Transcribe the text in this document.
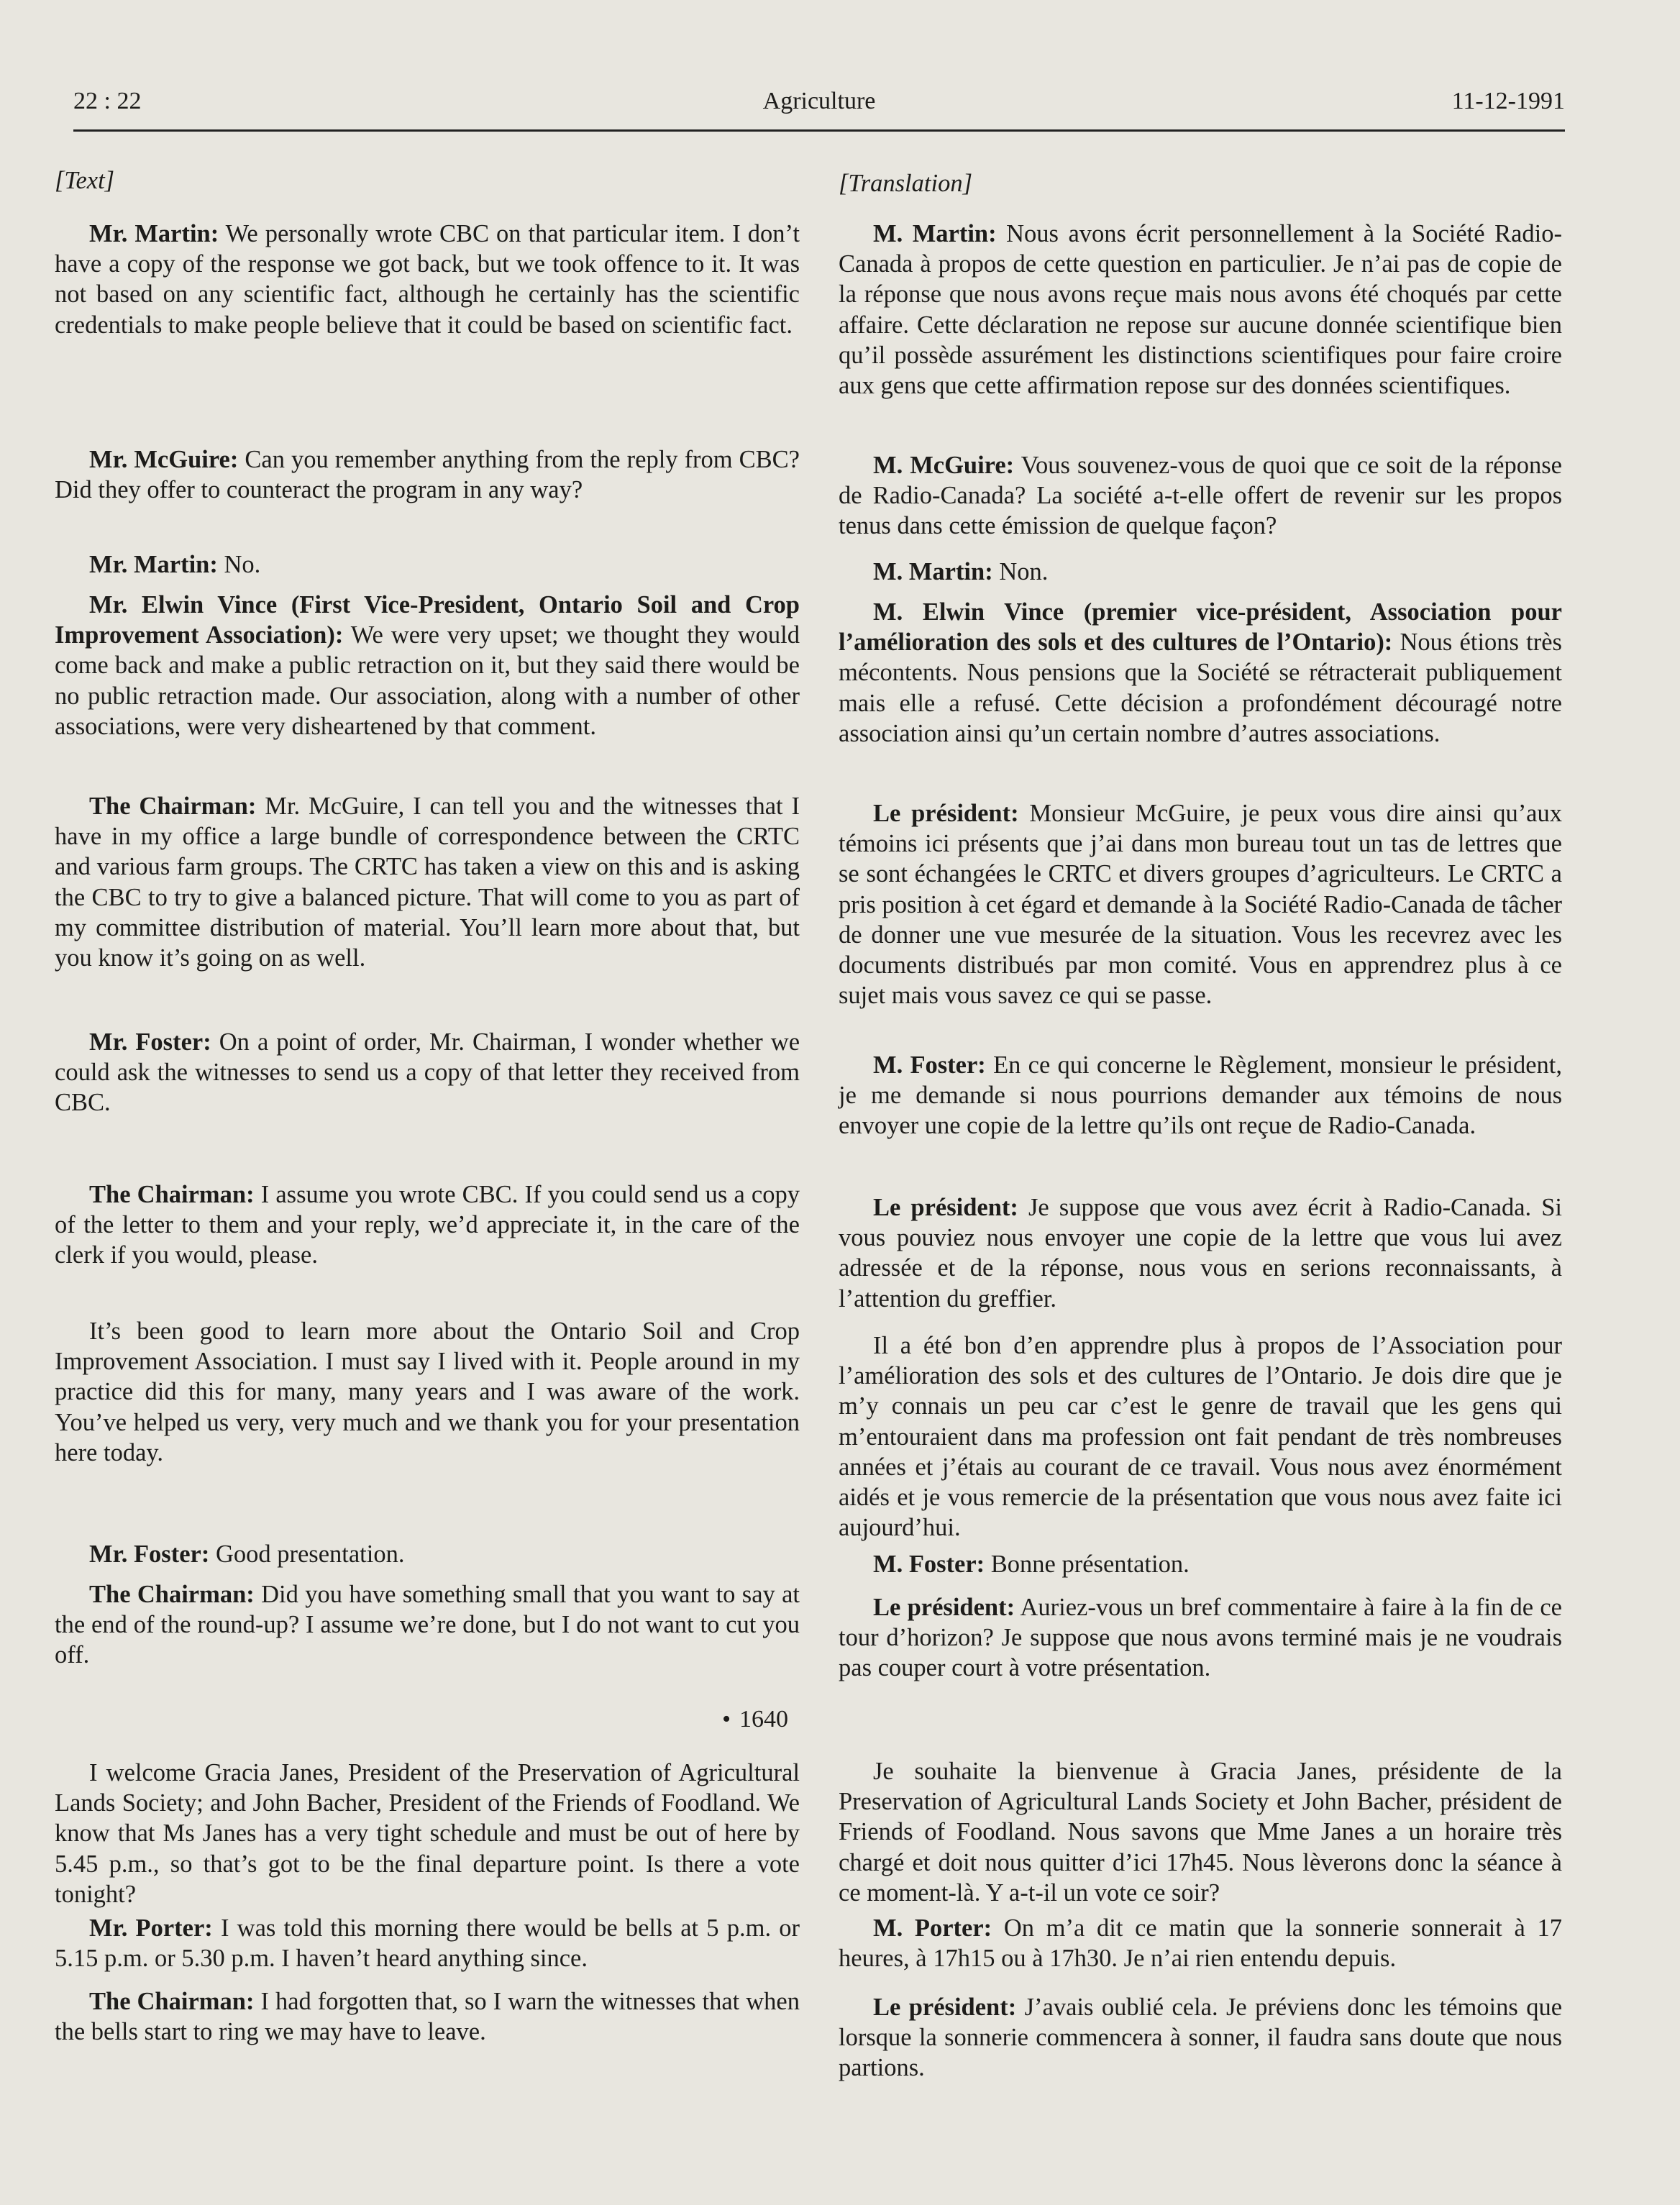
22 : 22	Agriculture	11-12-1991

[Text]

Mr. Martin: We personally wrote CBC on that particular item. I don’t have a copy of the response we got back, but we took offence to it. It was not based on any scientific fact, although he certainly has the scientific credentials to make people believe that it could be based on scientific fact.

Mr. McGuire: Can you remember anything from the reply from CBC? Did they offer to counteract the program in any way?

Mr. Martin: No.

Mr. Elwin Vince (First Vice-President, Ontario Soil and Crop Improvement Association): We were very upset; we thought they would come back and make a public retraction on it, but they said there would be no public retraction made. Our association, along with a number of other associations, were very disheartened by that comment.

The Chairman: Mr. McGuire, I can tell you and the witnesses that I have in my office a large bundle of correspondence between the CRTC and various farm groups. The CRTC has taken a view on this and is asking the CBC to try to give a balanced picture. That will come to you as part of my committee distribution of material. You’ll learn more about that, but you know it’s going on as well.

Mr. Foster: On a point of order, Mr. Chairman, I wonder whether we could ask the witnesses to send us a copy of that letter they received from CBC.

The Chairman: I assume you wrote CBC. If you could send us a copy of the letter to them and your reply, we’d appreciate it, in the care of the clerk if you would, please.

It’s been good to learn more about the Ontario Soil and Crop Improvement Association. I must say I lived with it. People around in my practice did this for many, many years and I was aware of the work. You’ve helped us very, very much and we thank you for your presentation here today.

Mr. Foster: Good presentation.

The Chairman: Did you have something small that you want to say at the end of the round-up? I assume we’re done, but I do not want to cut you off.

• 1640

I welcome Gracia Janes, President of the Preservation of Agricultural Lands Society; and John Bacher, President of the Friends of Foodland. We know that Ms Janes has a very tight schedule and must be out of here by 5.45 p.m., so that’s got to be the final departure point. Is there a vote tonight?

Mr. Porter: I was told this morning there would be bells at 5 p.m. or 5.15 p.m. or 5.30 p.m. I haven’t heard anything since.

The Chairman: I had forgotten that, so I warn the witnesses that when the bells start to ring we may have to leave.

[Translation]

M. Martin: Nous avons écrit personnellement à la Société Radio-Canada à propos de cette question en particulier. Je n’ai pas de copie de la réponse que nous avons reçue mais nous avons été choqués par cette affaire. Cette déclaration ne repose sur aucune donnée scientifique bien qu’il possède assurément les distinctions scientifiques pour faire croire aux gens que cette affirmation repose sur des données scientifiques.

M. McGuire: Vous souvenez-vous de quoi que ce soit de la réponse de Radio-Canada? La société a-t-elle offert de revenir sur les propos tenus dans cette émission de quelque façon?

M. Martin: Non.

M. Elwin Vince (premier vice-président, Association pour l’amélioration des sols et des cultures de l’Ontario): Nous étions très mécontents. Nous pensions que la Société se rétracterait publiquement mais elle a refusé. Cette décision a profondément découragé notre association ainsi qu’un certain nombre d’autres associations.

Le président: Monsieur McGuire, je peux vous dire ainsi qu’aux témoins ici présents que j’ai dans mon bureau tout un tas de lettres que se sont échangées le CRTC et divers groupes d’agriculteurs. Le CRTC a pris position à cet égard et demande à la Société Radio-Canada de tâcher de donner une vue mesurée de la situation. Vous les recevrez avec les documents distribués par mon comité. Vous en apprendrez plus à ce sujet mais vous savez ce qui se passe.

M. Foster: En ce qui concerne le Règlement, monsieur le président, je me demande si nous pourrions demander aux témoins de nous envoyer une copie de la lettre qu’ils ont reçue de Radio-Canada.

Le président: Je suppose que vous avez écrit à Radio-Canada. Si vous pouviez nous envoyer une copie de la lettre que vous lui avez adressée et de la réponse, nous vous en serions reconnaissants, à l’attention du greffier.

Il a été bon d’en apprendre plus à propos de l’Association pour l’amélioration des sols et des cultures de l’Ontario. Je dois dire que je m’y connais un peu car c’est le genre de travail que les gens qui m’entouraient dans ma profession ont fait pendant de très nombreuses années et j’étais au courant de ce travail. Vous nous avez énormément aidés et je vous remercie de la présentation que vous nous avez faite ici aujourd’hui.

M. Foster: Bonne présentation.

Le président: Auriez-vous un bref commentaire à faire à la fin de ce tour d’horizon? Je suppose que nous avons terminé mais je ne voudrais pas couper court à votre présentation.

Je souhaite la bienvenue à Gracia Janes, présidente de la Preservation of Agricultural Lands Society et John Bacher, président de Friends of Foodland. Nous savons que Mme Janes a un horaire très chargé et doit nous quitter d’ici 17h45. Nous lèverons donc la séance à ce moment-là. Y a-t-il un vote ce soir?

M. Porter: On m’a dit ce matin que la sonnerie sonnerait à 17 heures, à 17h15 ou à 17h30. Je n’ai rien entendu depuis.

Le président: J’avais oublié cela. Je préviens donc les témoins que lorsque la sonnerie commencera à sonner, il faudra sans doute que nous partions.
